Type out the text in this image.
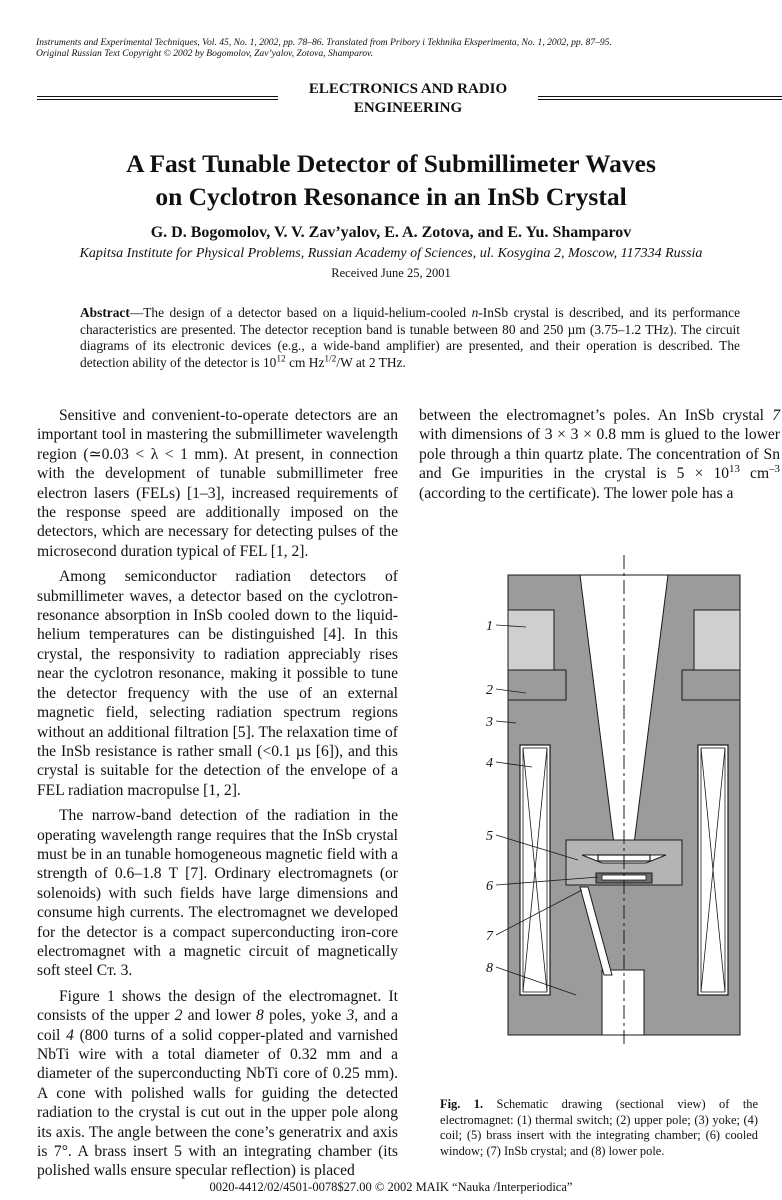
Instruments and Experimental Techniques, Vol. 45, No. 1, 2002, pp. 78–86. Translated from Pribory i Tekhnika Eksperimenta, No. 1, 2002, pp. 87–95.
Original Russian Text Copyright © 2002 by Bogomolov, Zav’yalov, Zotova, Shamparov.
ELECTRONICS AND RADIO
ENGINEERING
A Fast Tunable Detector of Submillimeter Waves
on Cyclotron Resonance in an InSb Crystal
G. D. Bogomolov, V. V. Zav’yalov, E. A. Zotova, and E. Yu. Shamparov
Kapitsa Institute for Physical Problems, Russian Academy of Sciences, ul. Kosygina 2, Moscow, 117334 Russia
Received June 25, 2001
Abstract—The design of a detector based on a liquid-helium-cooled n-InSb crystal is described, and its performance characteristics are presented. The detector reception band is tunable between 80 and 250 µm (3.75–1.2 THz). The circuit diagrams of its electronic devices (e.g., a wide-band amplifier) are presented, and their operation is described. The detection ability of the detector is $10^{12}$ cm $Hz^{1/2}/W$ at 2 THz.

Sensitive and convenient-to-operate detectors are an important tool in mastering the submillimeter wavelength region (≃0.03 < λ < 1 mm). At present, in connection with the development of tunable submillimeter free electron lasers (FELs) [1–3], increased requirements of the response speed are additionally imposed on the detectors, which are necessary for detecting pulses of the microsecond duration typical of FEL [1, 2].

Among semiconductor radiation detectors of submillimeter waves, a detector based on the cyclotron-resonance absorption in InSb cooled down to the liquid-helium temperatures can be distinguished [4]. In this crystal, the responsivity to radiation appreciably rises near the cyclotron resonance, making it possible to tune the detector frequency with the use of an external magnetic field, selecting radiation spectrum regions without an additional filtration [5]. The relaxation time of the InSb resistance is rather small (<0.1 µs [6]), and this crystal is suitable for the detection of the envelope of a FEL radiation macropulse [1, 2].

The narrow-band detection of the radiation in the operating wavelength range requires that the InSb crystal must be in an tunable homogeneous magnetic field with a strength of 0.6–1.8 T [7]. Ordinary electromagnets (or solenoids) with such fields have large dimensions and consume high currents. The electromagnet we developed for the detector is a compact superconducting iron-core electromagnet with a magnetic circuit of magnetically soft steel Cт. 3.

Figure 1 shows the design of the electromagnet. It consists of the upper 2 and lower 8 poles, yoke 3, and a coil 4 (800 turns of a solid copper-plated and varnished NbTi wire with a total diameter of 0.32 mm and a diameter of the superconducting NbTi core of 0.25 mm). A cone with polished walls for guiding the detected radiation to the crystal is cut out in the upper pole along its axis. The angle between the cone’s generatrix and axis is 7°. A brass insert 5 with an integrating chamber (its polished walls ensure specular reflection) is placed

between the electromagnet’s poles. An InSb crystal 7 with dimensions of 3 × 3 × 0.8 mm is glued to the lower pole through a thin quartz plate. The concentration of Sn and Ge impurities in the crystal is $5 \times 10^{13}$ $cm^{-3}$ (according to the certificate). The lower pole has a

1
2
3
4
5
6
7
8
Fig. 1. Schematic drawing (sectional view) of the electromagnet: (1) thermal switch; (2) upper pole; (3) yoke; (4) coil; (5) brass insert with the integrating chamber; (6) cooled window; (7) InSb crystal; and (8) lower pole.
0020-4412/02/4501-0078$27.00 © 2002 MAIK “Nauka /Interperiodica”
